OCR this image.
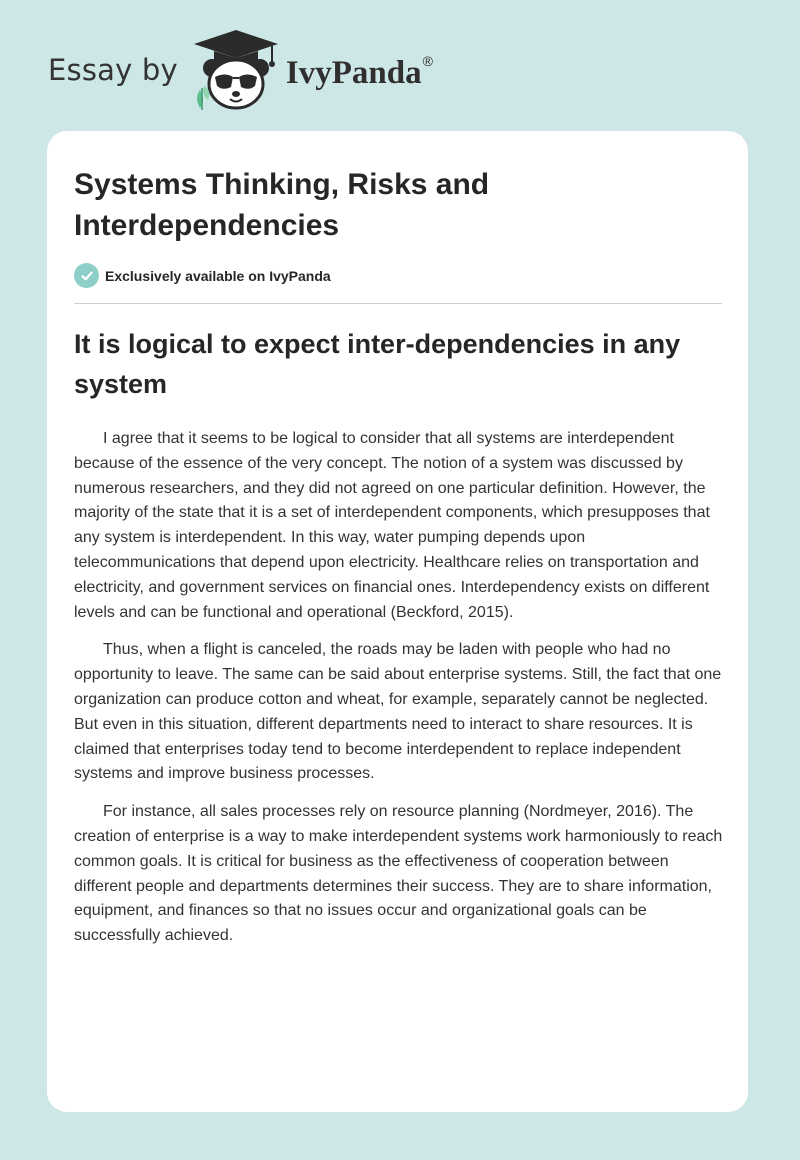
Essay by	IvyPanda®
Systems Thinking, Risks and Interdependencies
Exclusively available on IvyPanda
It is logical to expect inter-dependencies in any system

I agree that it seems to be logical to consider that all systems are interdependent because of the essence of the very concept. The notion of a system was discussed by numerous researchers, and they did not agreed on one particular definition. However, the majority of the state that it is a set of interdependent components, which presupposes that any system is interdependent. In this way, water pumping depends upon telecommunications that depend upon electricity. Healthcare relies on transportation and electricity, and government services on financial ones. Interdependency exists on different levels and can be functional and operational (Beckford, 2015).

Thus, when a flight is canceled, the roads may be laden with people who had no opportunity to leave. The same can be said about enterprise systems. Still, the fact that one organization can produce cotton and wheat, for example, separately cannot be neglected. But even in this situation, different departments need to interact to share resources. It is claimed that enterprises today tend to become interdependent to replace independent systems and improve business processes.

For instance, all sales processes rely on resource planning (Nordmeyer, 2016). The creation of enterprise is a way to make interdependent systems work harmoniously to reach common goals. It is critical for business as the effectiveness of cooperation between different people and departments determines their success. They are to share information, equipment, and finances so that no issues occur and organizational goals can be successfully achieved.
